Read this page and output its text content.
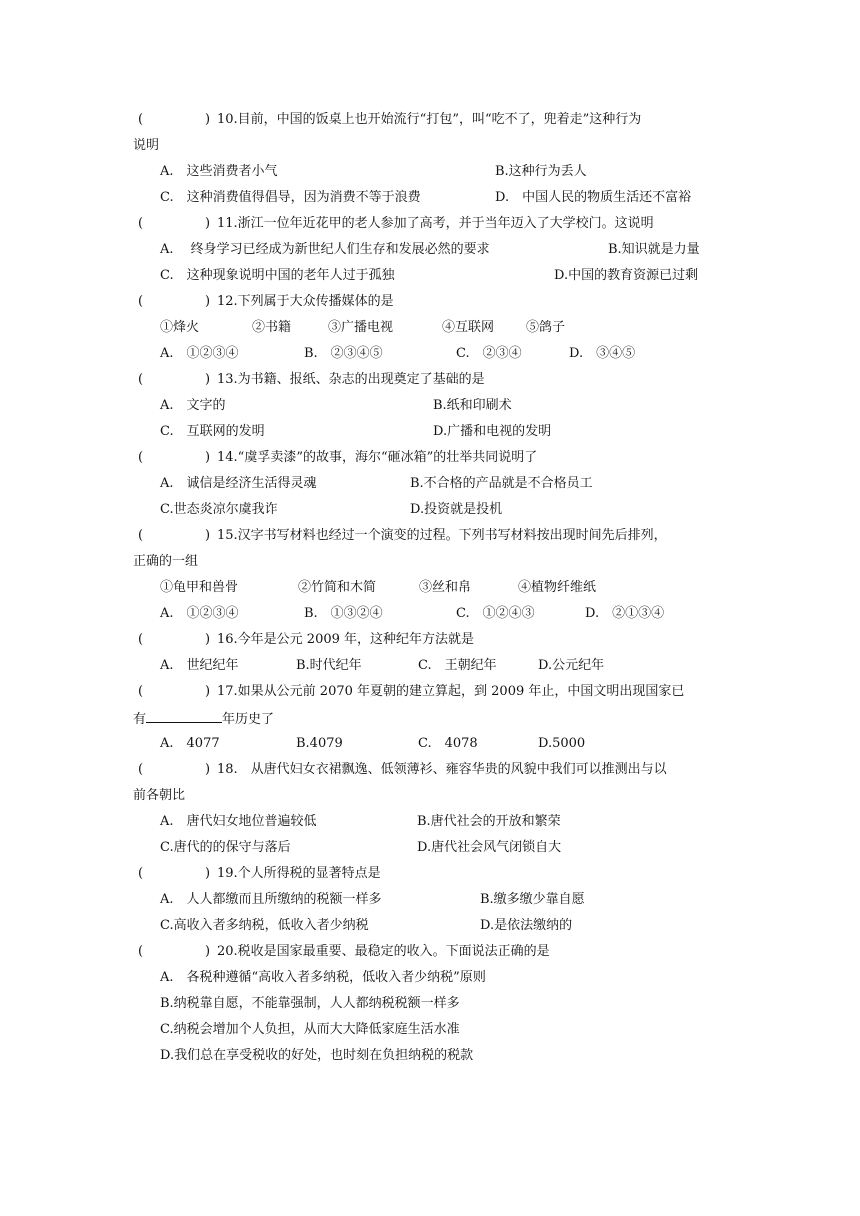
(	) 10.目前，中国的饭桌上也开始流行“打包”，叫“吃不了，兜着走”这种行为
说明
A.　这些消费者小气	B.这种行为丢人
C.　这种消费值得倡导，因为消费不等于浪费	D.　中国人民的物质生活还不富裕
(	) 11.浙江一位年近花甲的老人参加了高考，并于当年迈入了大学校门。这说明
A.　 终身学习已经成为新世纪人们生存和发展必然的要求	B.知识就是力量
C.　这种现象说明中国的老年人过于孤独	D.中国的教育资源已过剩
(	) 12.下列属于大众传播媒体的是
①烽火	②书籍	③广播电视	④互联网 ⑤鸽子
A.　①②③④	B.　②③④⑤	C.　②③④	D.　③④⑤
(	) 13.为书籍、报纸、杂志的出现奠定了基础的是
A.　文字的	B.纸和印刷术
C.　互联网的发明	D.广播和电视的发明
(	) 14.“虞孚卖漆”的故事，海尔“砸冰箱”的壮举共同说明了
A.　诚信是经济生活得灵魂	B.不合格的产品就是不合格员工
C.世态炎凉尔虞我诈	D.投资就是投机
(	) 15.汉字书写材料也经过一个演变的过程。下列书写材料按出现时间先后排列，
正确的一组
①龟甲和兽骨	②竹简和木简	③丝和帛	④植物纤维纸
A.　①②③④	B.　①③②④	C.　①②④③	D.　②①③④
(	) 16.今年是公元 2009 年，这种纪年方法就是
A.　世纪纪年	B.时代纪年	C.　王朝纪年	D.公元纪年
(	) 17.如果从公元前 2070 年夏朝的建立算起，到 2009 年止，中国文明出现国家已
有	年历史了
A.　4077	B.4079	C.　4078	D.5000
(	) 18.　从唐代妇女衣裙飘逸、低领薄衫、雍容华贵的风貌中我们可以推测出与以
前各朝比
A.　唐代妇女地位普遍较低	B.唐代社会的开放和繁荣
C.唐代的的保守与落后	D.唐代社会风气闭锁自大
(	) 19.个人所得税的显著特点是
A.　人人都缴而且所缴纳的税额一样多	B.缴多缴少靠自愿
C.高收入者多纳税，低收入者少纳税	D.是依法缴纳的
(	) 20.税收是国家最重要、最稳定的收入。下面说法正确的是
A.　各税种遵循“高收入者多纳税，低收入者少纳税”原则
B.纳税靠自愿，不能靠强制，人人都纳税税额一样多
C.纳税会增加个人负担，从而大大降低家庭生活水准
D.我们总在享受税收的好处，也时刻在负担纳税的税款
